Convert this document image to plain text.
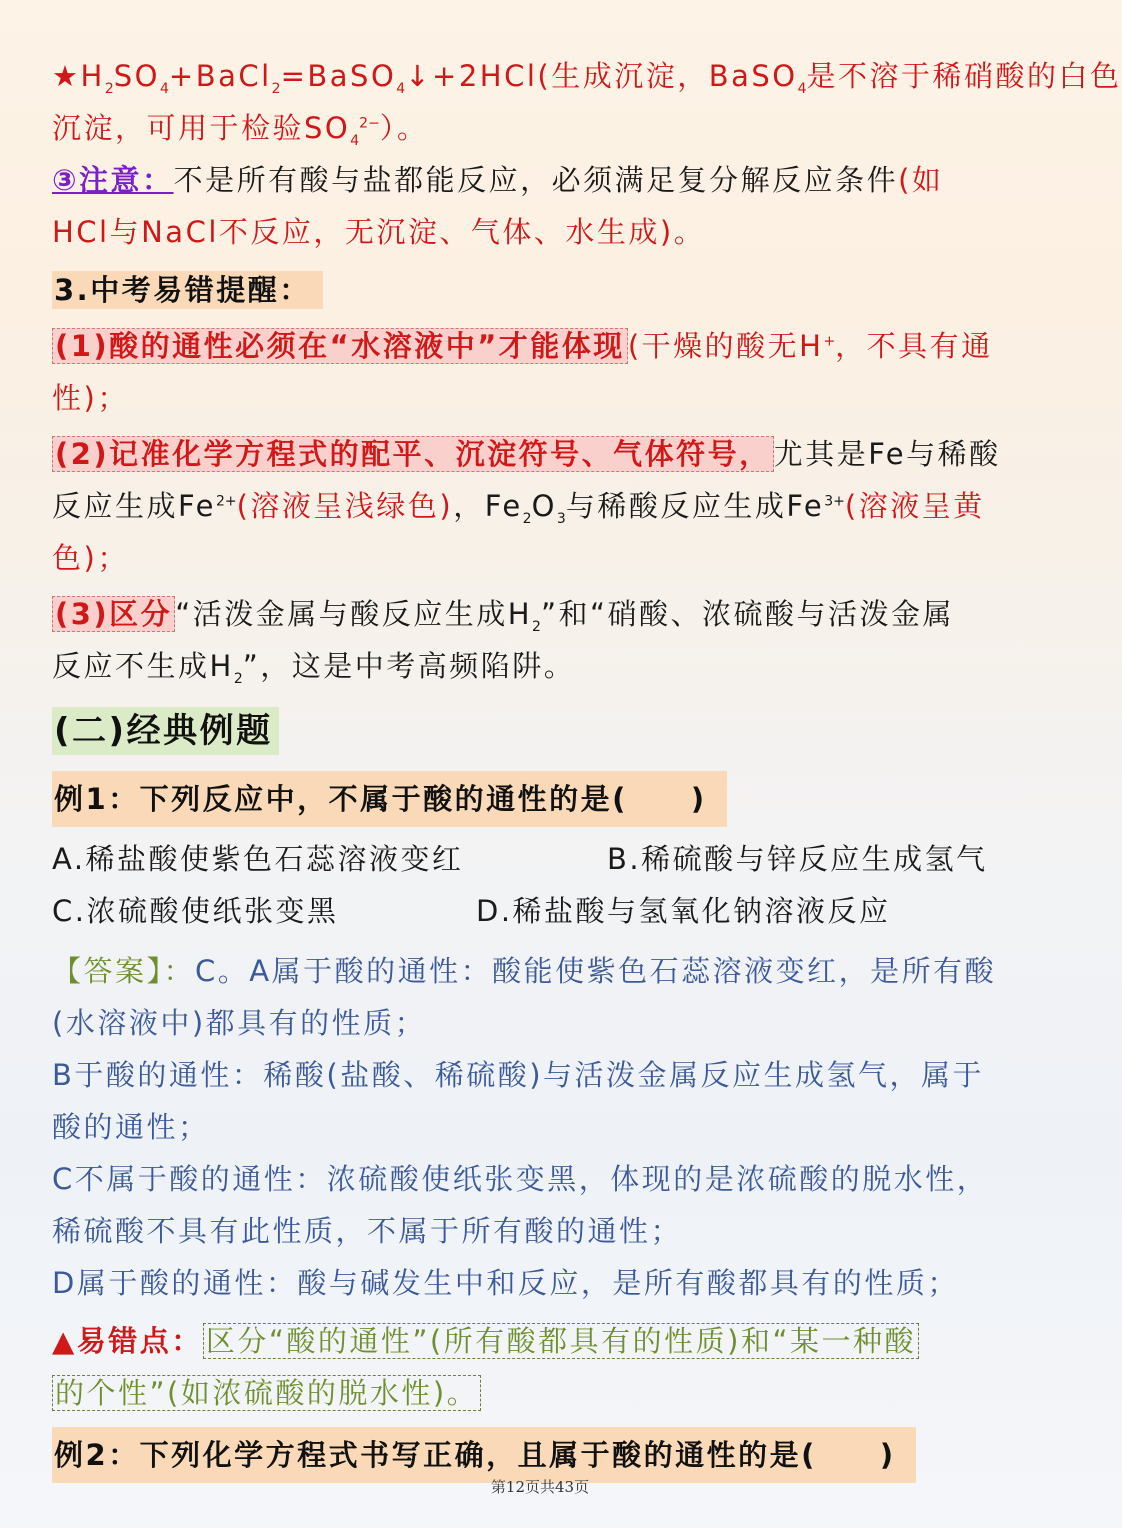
$★H_2SO_4+BaCl_2=BaSO_4↓+2HCl$(生成沉淀，BaSO$_4$是不溶于稀硝酸的白色
沉淀，可用于检验$SO_4^{2-}$）。
③注意：不是所有酸与盐都能反应，必须满足复分解反应条件(如
HCl与NaCl不反应，无沉淀、气体、水生成)。
3.中考易错提醒：
(1)酸的通性必须在“水溶液中”才能体现 (干燥的酸无H+，不具有通
性)；
(2)记准化学方程式的配平、沉淀符号、气体符号， 尤其是Fe与稀酸
反应生成$Fe^{2+}$(溶液呈浅绿色)，$Fe_2O_3$与稀酸反应生成$Fe^{3+}$(溶液呈黄
色)；
(3)区分 “活泼金属与酸反应生成$H_2$”和“硝酸、浓硫酸与活泼金属
反应不生成$H_2$”，这是中考高频陷阱。
(二)经典例题
例1：下列反应中，不属于酸的通性的是(　　)
A.稀盐酸使紫色石蕊溶液变红	B.稀硫酸与锌反应生成氢气
C.浓硫酸使纸张变黑	D.稀盐酸与氢氧化钠溶液反应
【答案】：C。A属于酸的通性：酸能使紫色石蕊溶液变红，是所有酸
(水溶液中)都具有的性质；
B于酸的通性：稀酸(盐酸、稀硫酸)与活泼金属反应生成氢气，属于
酸的通性；
C不属于酸的通性：浓硫酸使纸张变黑，体现的是浓硫酸的脱水性，
稀硫酸不具有此性质，不属于所有酸的通性；
D属于酸的通性：酸与碱发生中和反应，是所有酸都具有的性质；
▲易错点： 区分“酸的通性”(所有酸都具有的性质)和“某一种酸
的个性”(如浓硫酸的脱水性)。
例2：下列化学方程式书写正确，且属于酸的通性的是(　　)
第12页共43页
